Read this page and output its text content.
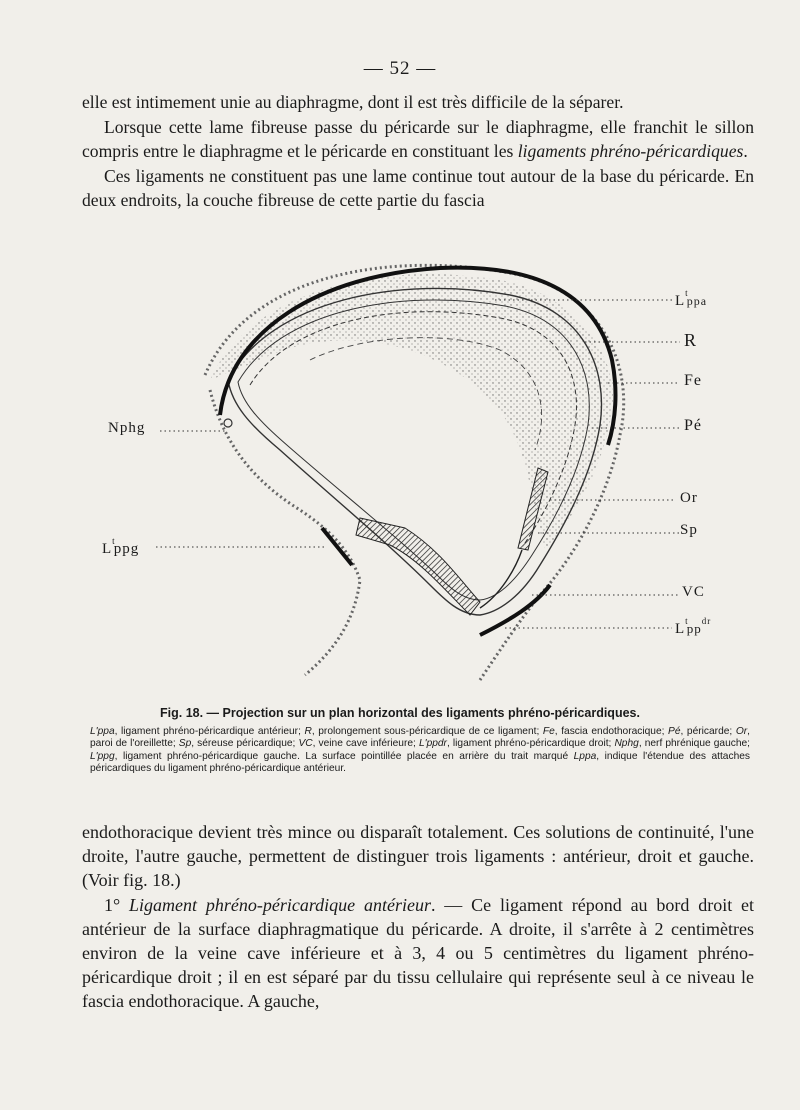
— 52 —

elle est intimement unie au diaphragme, dont il est très difficile de la séparer.

Lorsque cette lame fibreuse passe du péricarde sur le diaphragme, elle franchit le sillon compris entre le diaphragme et le péricarde en constituant les ligaments phréno-péricardiques.

Ces ligaments ne constituent pas une lame continue tout autour de la base du péricarde. En deux endroits, la couche fibreuse de cette partie du fascia

$L^tppa$
R
Fe
Pé
Nphg
Or
Sp
$L^tppg$
VC
$L^tpp^{dr}$
Fig. 18. — Projection sur un plan horizontal des ligaments phréno-péricardiques.
L'ppa, ligament phréno-péricardique antérieur; R, prolongement sous-péricardique de ce ligament; Fe, fascia endothoracique; Pé, péricarde; Or, paroi de l'oreillette; Sp, séreuse péricardique; VC, veine cave inférieure; L'ppdr, ligament phréno-péricardique droit; Nphg, nerf phrénique gauche; L'ppg, ligament phréno-péricardique gauche. La surface pointillée placée en arrière du trait marqué Lppa, indique l'étendue des attaches péricardiques du ligament phréno-péricardique antérieur.

endothoracique devient très mince ou disparaît totalement. Ces solutions de continuité, l'une droite, l'autre gauche, permettent de distinguer trois ligaments : antérieur, droit et gauche. (Voir fig. 18.)

1° Ligament phréno-péricardique antérieur. — Ce ligament répond au bord droit et antérieur de la surface diaphragmatique du péricarde. A droite, il s'arrête à 2 centimètres environ de la veine cave inférieure et à 3, 4 ou 5 centimètres du ligament phréno-péricardique droit ; il en est séparé par du tissu cellulaire qui représente seul à ce niveau le fascia endothoracique. A gauche,
